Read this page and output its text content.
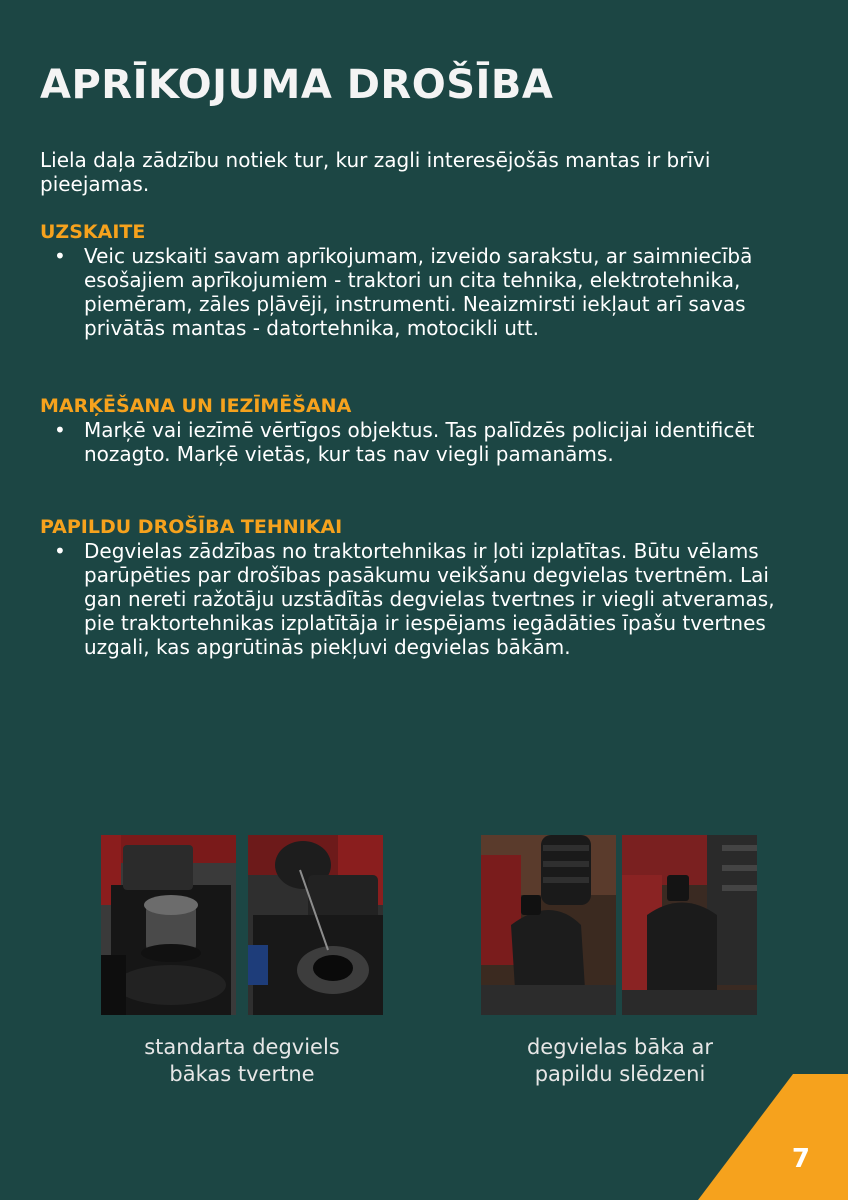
APRĪKOJUMA DROŠĪBA

Liela daļa zādzību notiek tur, kur zagli interesējošās mantas ir brīvi pieejamas.

UZSKAITE

• Veic uzskaiti savam aprīkojumam, izveido sarakstu, ar saimniecībā esošajiem aprīkojumiem - traktori un cita tehnika, elektrotehnika, piemēram, zāles pļāvēji, instrumenti. Neaizmirsti iekļaut arī savas privātās mantas - datortehnika, motocikli utt.

MARĶĒŠANA UN IEZĪMĒŠANA

• Marķē vai iezīmē vērtīgos objektus. Tas palīdzēs policijai identificēt nozagto. Marķē vietās, kur tas nav viegli pamanāms.

PAPILDU DROŠĪBA TEHNIKAI

• Degvielas zādzības no traktortehnikas ir ļoti izplatītas. Būtu vēlams parūpēties par drošības pasākumu veikšanu degvielas tvertnēm. Lai gan nereti ražotāju uzstādītās degvielas tvertnes ir viegli atveramas, pie traktortehnikas izplatītāja ir iespējams iegādāties īpašu tvertnes uzgali, kas apgrūtinās piekļuvi degvielas bākām.
standarta degviels bākas tvertne
degvielas bāka ar papildu slēdzeni
7
